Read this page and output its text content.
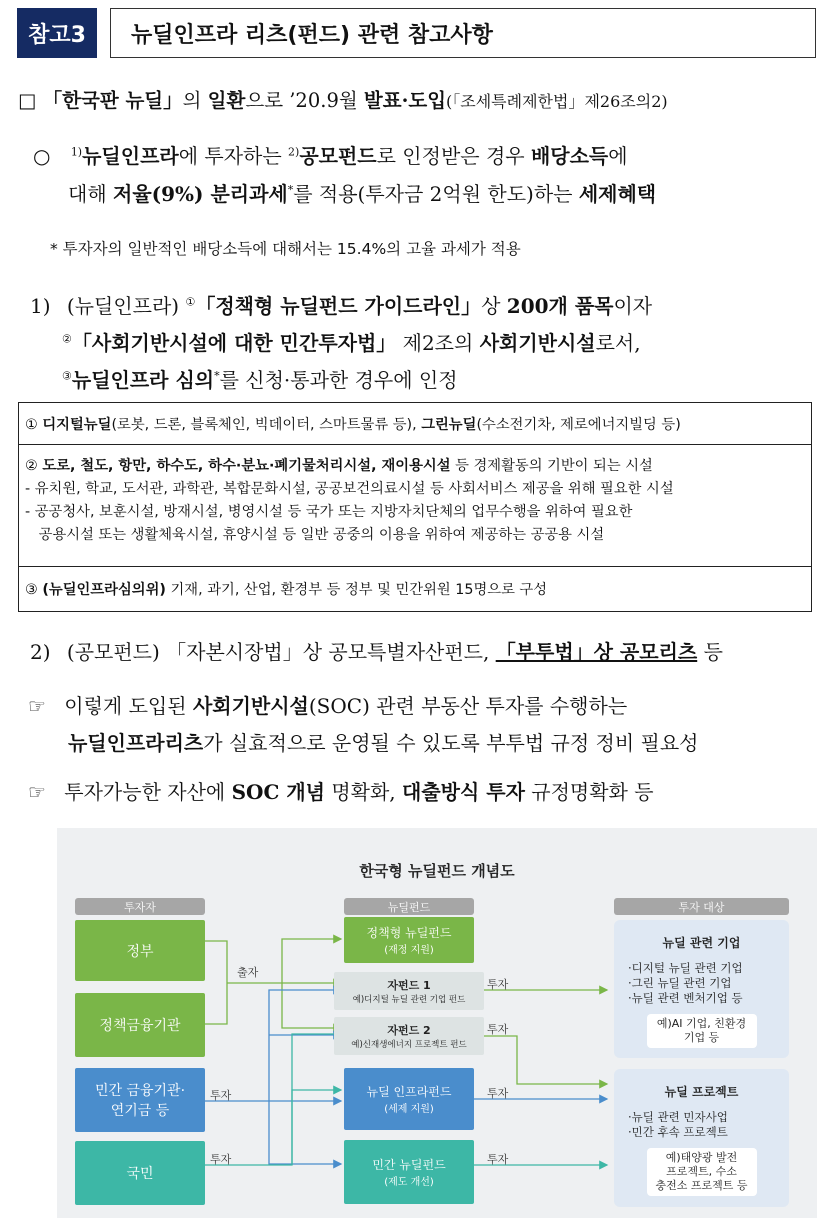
참고3	뉴딜인프라 리츠(펀드) 관련 참고사항
□ 「한국판 뉴딜」의 일환으로 ’20.9월 발표·도입(「조세특례제한법」제26조의2)
○ $^{1)}$뉴딜인프라에 투자하는 $^{2)}$공모펀드로 인정받은 경우 배당소득에
대해 저율(9%) 분리과세*를 적용(투자금 2억원 한도)하는 세제혜택
* 투자자의 일반적인 배당소득에 대해서는 15.4%의 고율 과세가 적용
1) (뉴딜인프라) ①「정책형 뉴딜펀드 가이드라인」상 200개 품목이자
②「사회기반시설에 대한 민간투자법」 제2조의 사회기반시설로서,
③뉴딜인프라 심의*를 신청·통과한 경우에 인정
① 디지털뉴딜(로봇, 드론, 블록체인, 빅데이터, 스마트물류 등), 그린뉴딜(수소전기차, 제로에너지빌딩 등)
② 도로, 철도, 항만, 하수도, 하수·분뇨·폐기물처리시설, 재이용시설 등 경제활동의 기반이 되는 시설
- 유치원, 학교, 도서관, 과학관, 복합문화시설, 공공보건의료시설 등 사회서비스 제공을 위해 필요한 시설
- 공공청사, 보훈시설, 방재시설, 병영시설 등 국가 또는 지방자치단체의 업무수행을 위하여 필요한
공용시설 또는 생활체육시설, 휴양시설 등 일반 공중의 이용을 위하여 제공하는 공공용 시설
③ (뉴딜인프라심의위) 기재, 과기, 산업, 환경부 등 정부 및 민간위원 15명으로 구성
2) (공모펀드) 「자본시장법」상 공모특별자산펀드, 「부투법」상 공모리츠 등
☞ 이렇게 도입된 사회기반시설(SOC) 관련 부동산 투자를 수행하는
뉴딜인프라리츠가 실효적으로 운영될 수 있도록 부투법 규정 정비 필요성
☞ 투자가능한 자산에 SOC 개념 명확화, 대출방식 투자 규정명확화 등
한국형 뉴딜펀드 개념도
투자자	뉴딜펀드	투자 대상
정부
정책금융기관
민간 금융기관·
연기금 등
국민
정책형 뉴딜펀드
(재정 지원)
자펀드 1
예)디지털 뉴딜 관련 기업 펀드
자펀드 2
예)신재생에너지 프로젝트 펀드
뉴딜 인프라펀드
(세제 지원)
민간 뉴딜펀드
(제도 개선)
출자
투자
투자
투자
투자
투자
투자
뉴딜 관련 기업
·디지털 뉴딜 관련 기업
·그린 뉴딜 관련 기업
·뉴딜 관련 벤처기업 등
예)AI 기업, 친환경
기업 등
뉴딜 프로젝트
·뉴딜 관련 민자사업
·민간 후속 프로젝트
예)태양광 발전
프로젝트, 수소
충전소 프로젝트 등
